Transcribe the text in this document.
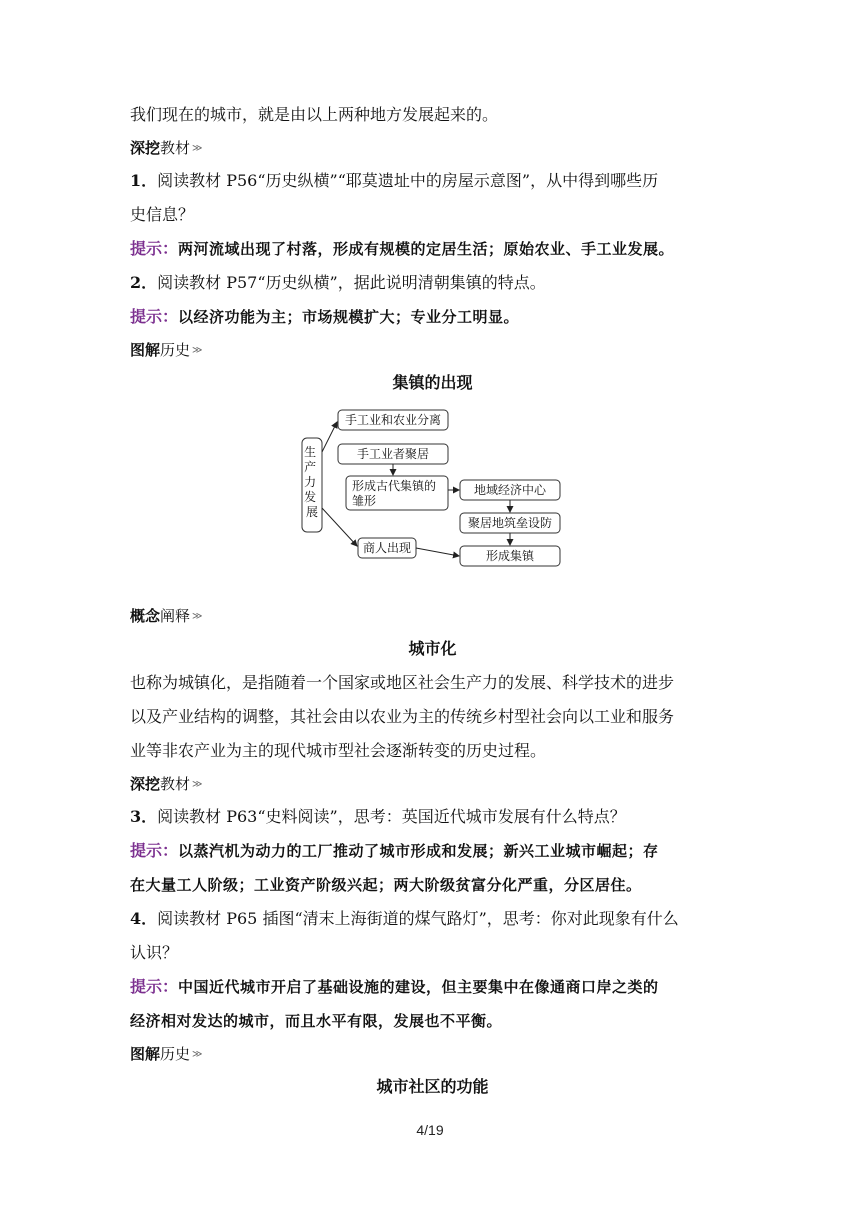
我们现在的城市，就是由以上两种地方发展起来的。
深挖教材 ≫
1．阅读教材 P56“历史纵横”“耶莫遗址中的房屋示意图”，从中得到哪些历
史信息？
提示：两河流域出现了村落，形成有规模的定居生活；原始农业、手工业发展。
2．阅读教材 P57“历史纵横”，据此说明清朝集镇的特点。
提示：以经济功能为主；市场规模扩大；专业分工明显。
图解历史 ≫
集镇的出现
生 产 力 发 展
手工业和农业分离
手工业者聚居
形成古代集镇的 雏形
地域经济中心
聚居地筑垒设防
商人出现
形成集镇
概念阐释 ≫
城市化
也称为城镇化，是指随着一个国家或地区社会生产力的发展、科学技术的进步
以及产业结构的调整，其社会由以农业为主的传统乡村型社会向以工业和服务
业等非农产业为主的现代城市型社会逐渐转变的历史过程。
深挖教材 ≫
3．阅读教材 P63“史料阅读”，思考：英国近代城市发展有什么特点？
提示：以蒸汽机为动力的工厂推动了城市形成和发展；新兴工业城市崛起；存
在大量工人阶级；工业资产阶级兴起；两大阶级贫富分化严重，分区居住。
4．阅读教材 P65 插图“清末上海街道的煤气路灯”，思考：你对此现象有什么
认识？
提示：中国近代城市开启了基础设施的建设，但主要集中在像通商口岸之类的
经济相对发达的城市，而且水平有限，发展也不平衡。
图解历史 ≫
城市社区的功能
4/19
